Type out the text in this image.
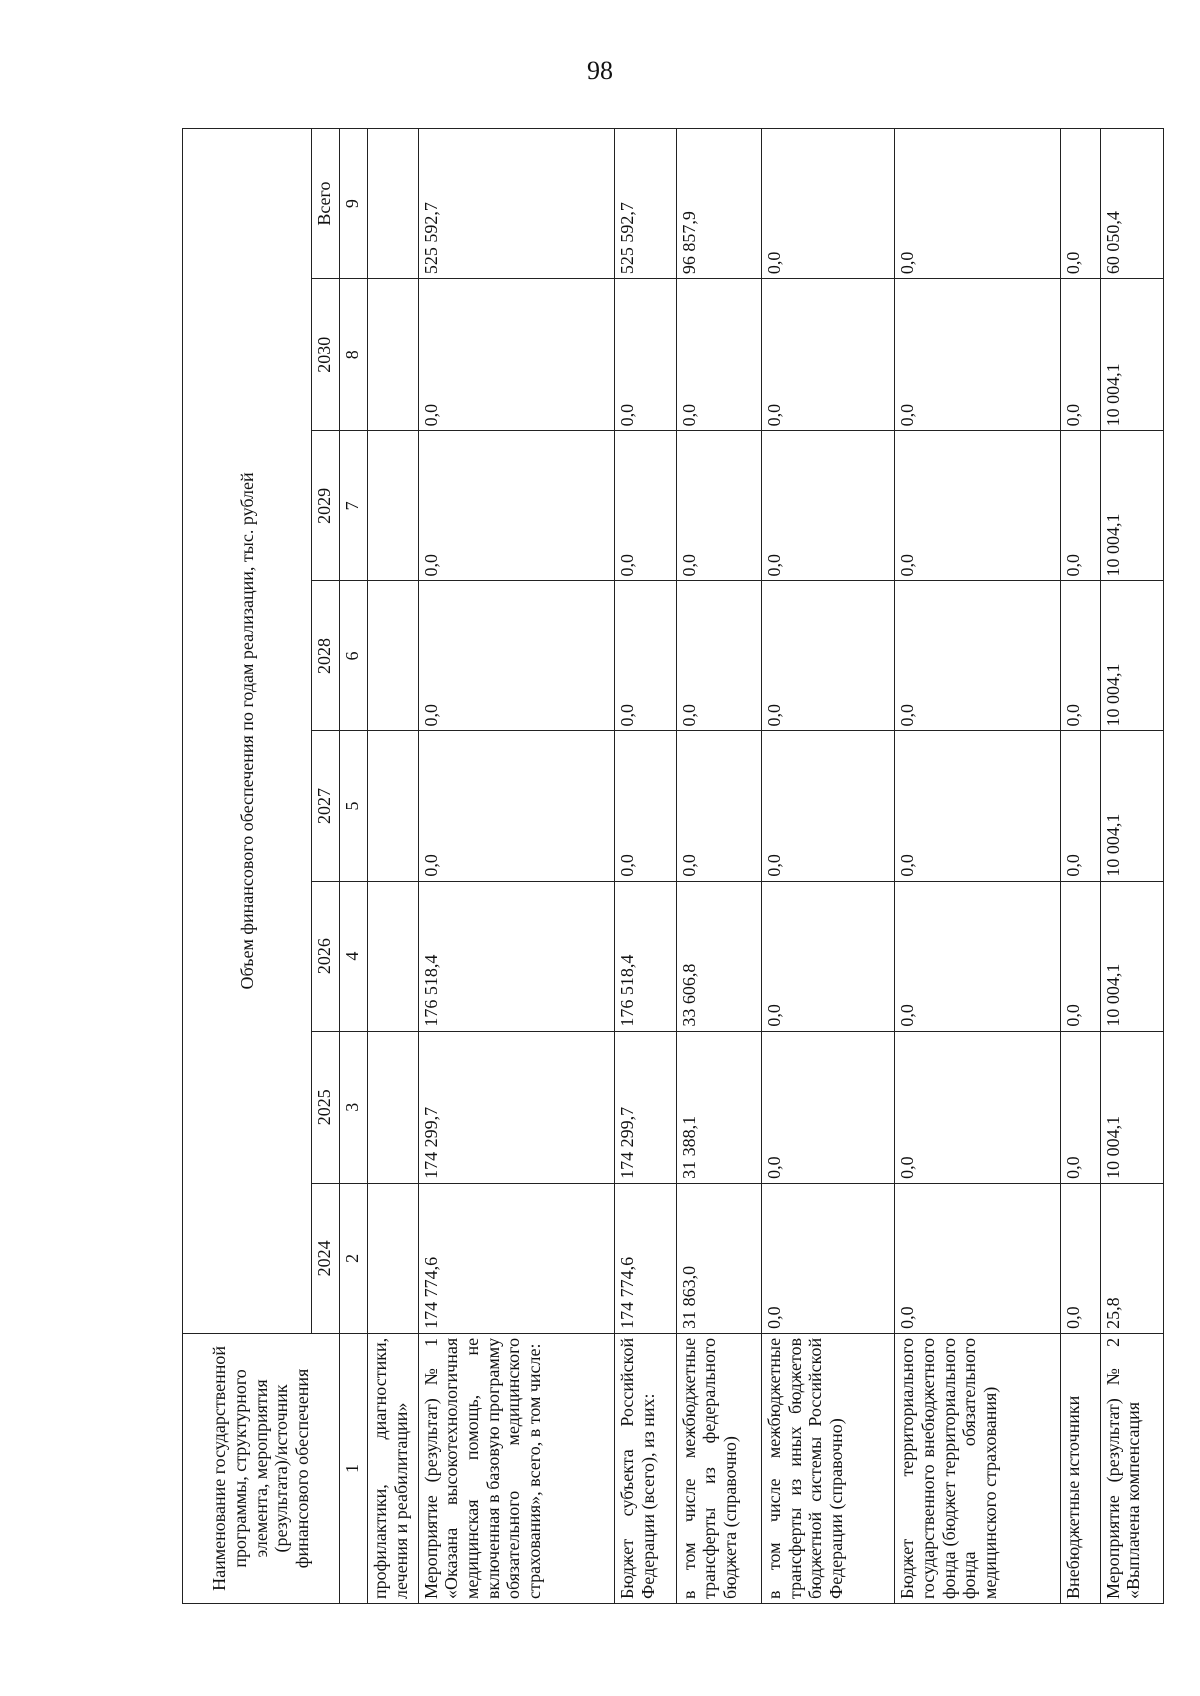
98
Наименование государственной программы, структурного элемента, мероприятия (результата)/источник финансового обеспечения	Объем финансового обеспечения по годам реализации, тыс. рублей							
	2024	2025	2026	2027	2028	2029	2030	Всего
1	2	3	4	5	6	7	8	9
профилактики, диагностики, лечения и реабилитации»								
Мероприятие (результат) № 1 «Оказана высокотехнологичная медицинская помощь, не включенная в базовую программу обязательного медицинского страхования», всего, в том числе:	174 774,6	174 299,7	176 518,4	0,0	0,0	0,0	0,0	525 592,7
Бюджет субъекта Российской Федерации (всего), из них:	174 774,6	174 299,7	176 518,4	0,0	0,0	0,0	0,0	525 592,7
в том числе межбюджетные трансферты из федерального бюджета (справочно)	31 863,0	31 388,1	33 606,8	0,0	0,0	0,0	0,0	96 857,9
в том числе межбюджетные трансферты из иных бюджетов бюджетной системы Российской Федерации (справочно)	0,0	0,0	0,0	0,0	0,0	0,0	0,0	0,0
Бюджет территориального государственного внебюджетного фонда (бюджет территориального фонда обязательного медицинского страхования)	0,0	0,0	0,0	0,0	0,0	0,0	0,0	0,0
Внебюджетные источники	0,0	0,0	0,0	0,0	0,0	0,0	0,0	0,0
Мероприятие (результат) № 2 «Выплачена компенсация	25,8	10 004,1	10 004,1	10 004,1	10 004,1	10 004,1	10 004,1	60 050,4
